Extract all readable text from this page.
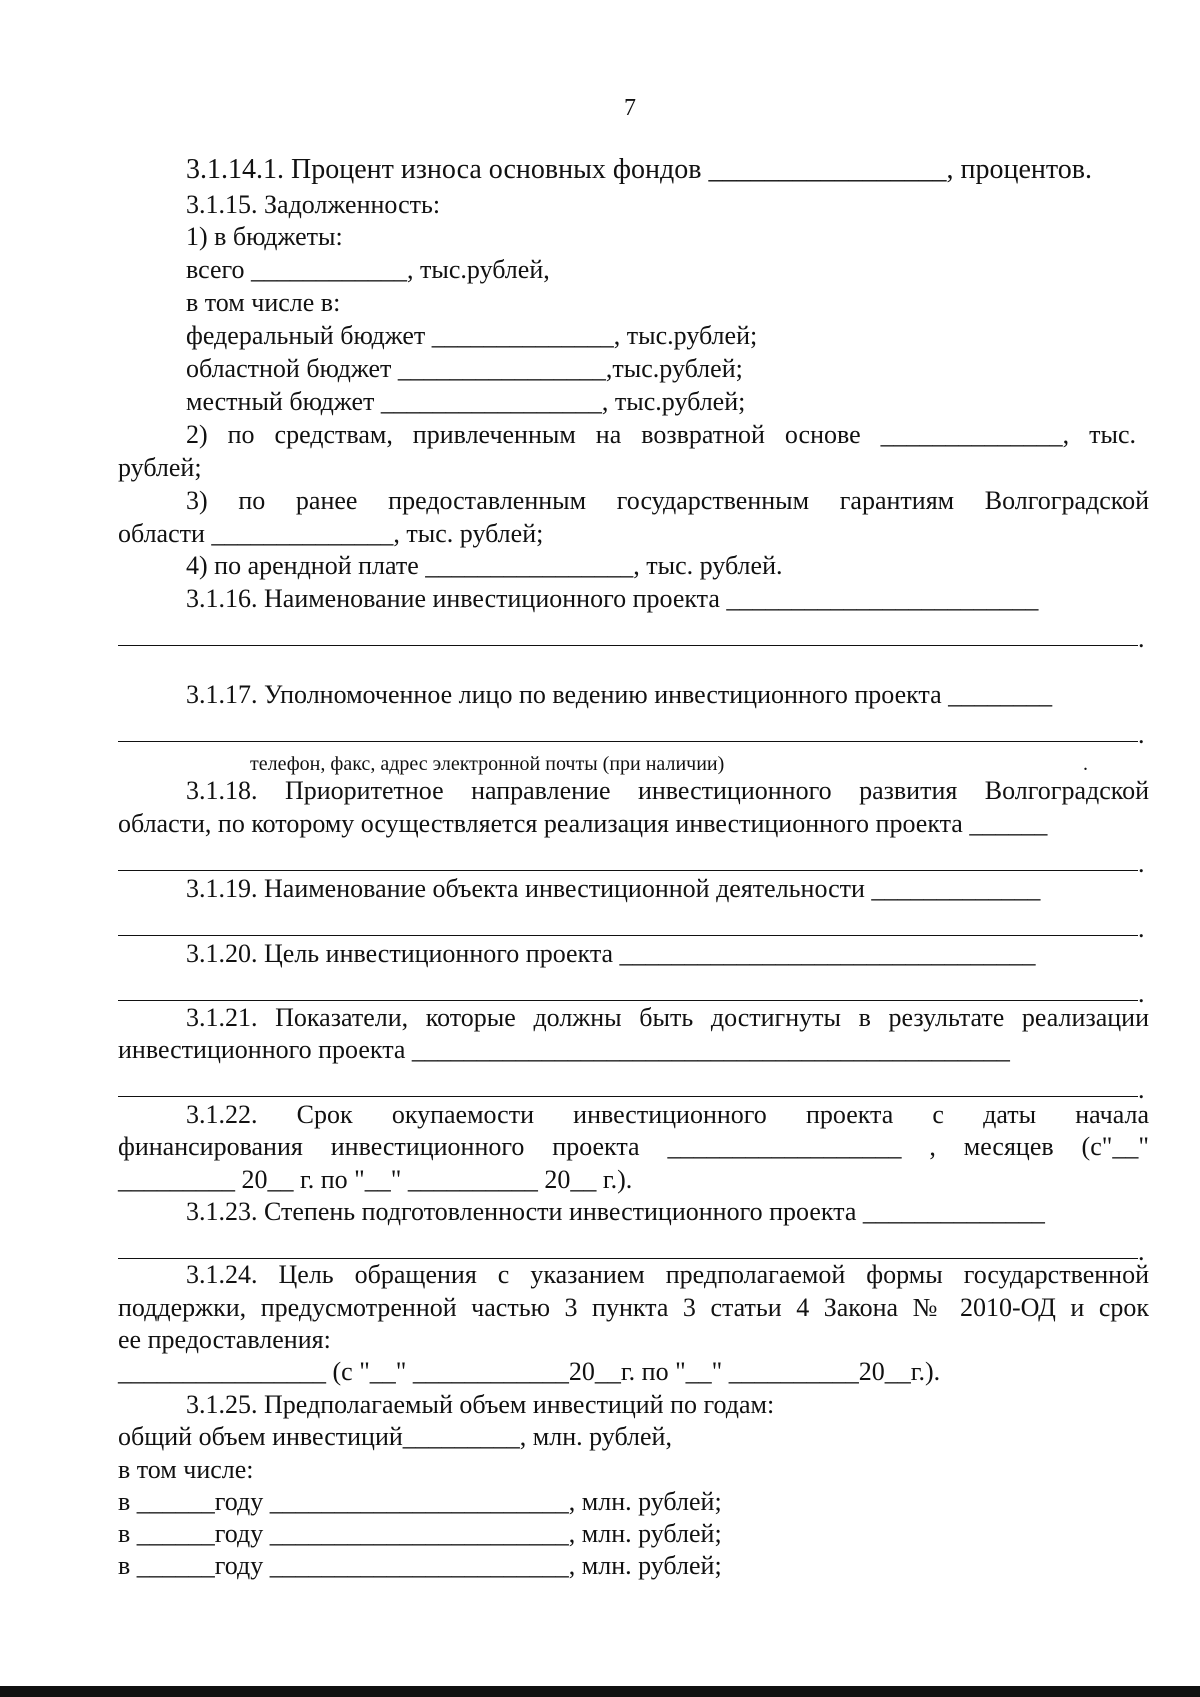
7
3.1.14.1. Процент износа основных фондов _________________, процентов.
3.1.15. Задолженность:
1) в бюджеты:
всего ____________, тыс.рублей,
в том числе в:
федеральный бюджет ______________, тыс.рублей;
областной бюджет ________________,тыс.рублей;
местный бюджет _________________, тыс.рублей;
2) по средствам, привлеченным на возвратной основе ______________, тыс.
рублей;
3) по ранее предоставленным государственным гарантиям Волгоградской
области ______________, тыс. рублей;
4) по арендной плате ________________, тыс. рублей.
3.1.16. Наименование инвестиционного проекта ________________________
.
3.1.17. Уполномоченное лицо по ведению инвестиционного проекта ________
.
телефон, факс, адрес электронной почты (при наличии)	.
3.1.18. Приоритетное направление инвестиционного развития Волгоградской
области, по которому осуществляется реализация инвестиционного проекта ______
.
3.1.19. Наименование объекта инвестиционной деятельности _____________
.
3.1.20. Цель инвестиционного проекта ________________________________
.
3.1.21. Показатели, которые должны быть достигнуты в результате реализации
инвестиционного проекта ______________________________________________
.
3.1.22. Срок окупаемости инвестиционного проекта с даты начала
финансирования инвестиционного проекта __________________ , месяцев (с"__"
_________ 20__ г. по "__" __________ 20__ г.).
3.1.23. Степень подготовленности инвестиционного проекта ______________
.
3.1.24. Цель обращения с указанием предполагаемой формы государственной
поддержки, предусмотренной частью 3 пункта 3 статьи 4 Закона № 2010-ОД и срок
ее предоставления:
________________ (с "__" ____________20__г. по "__" __________20__г.).
3.1.25. Предполагаемый объем инвестиций по годам:
общий объем инвестиций_________, млн. рублей,
в том числе:
в ______году _______________________, млн. рублей;
в ______году _______________________, млн. рублей;
в ______году _______________________, млн. рублей;
